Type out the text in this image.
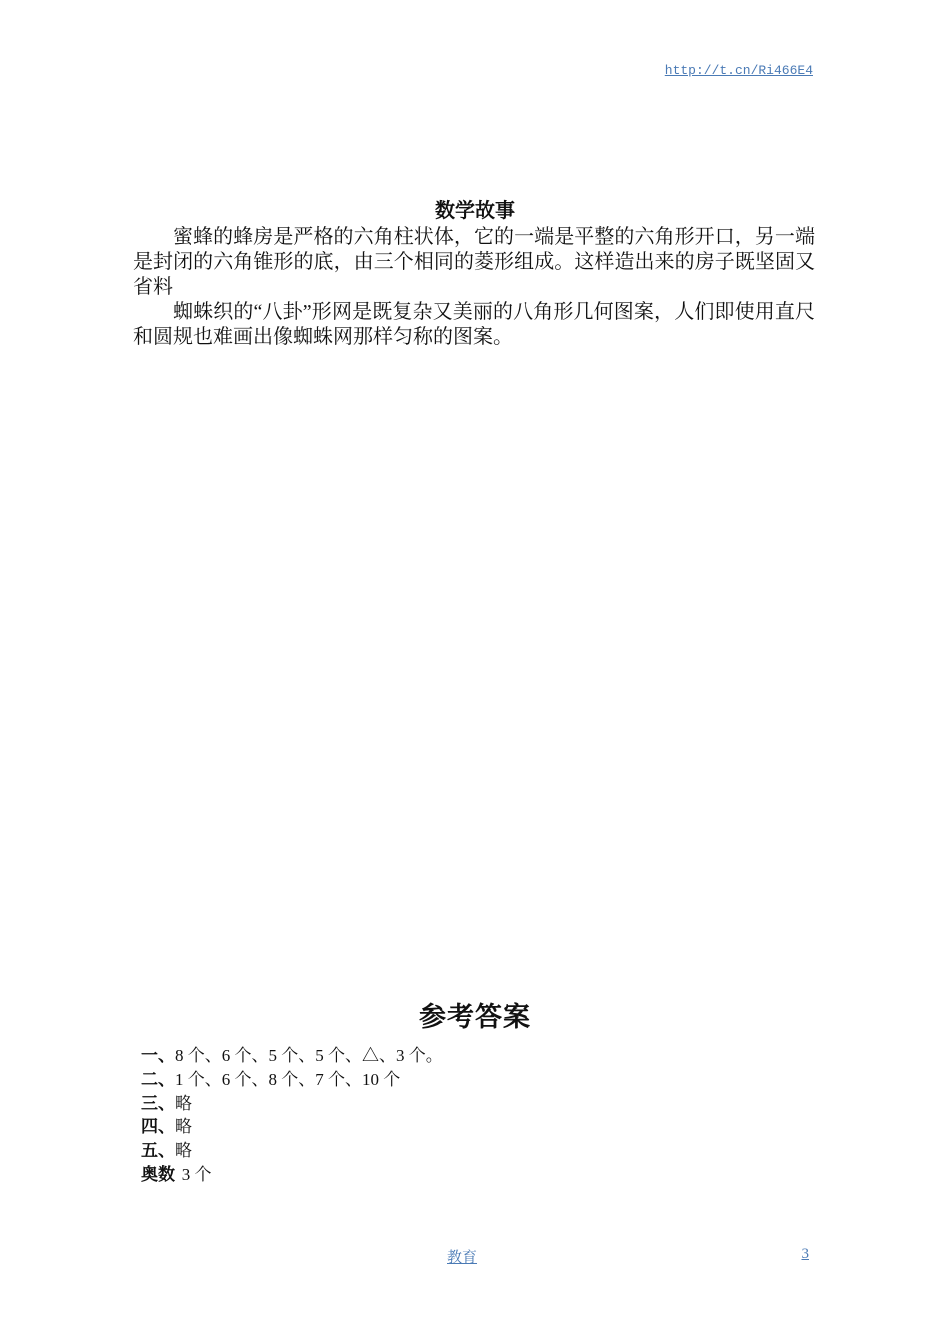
http://t.cn/Ri466E4
数学故事

蜜蜂的蜂房是严格的六角柱状体，它的一端是平整的六角形开口，另一端是封闭的六角锥形的底，由三个相同的菱形组成。这样造出来的房子既坚固又省料

蜘蛛织的“八卦”形网是既复杂又美丽的八角形几何图案，人们即使用直尺和圆规也难画出像蜘蛛网那样匀称的图案。

参考答案
一、8 个、6 个、5 个、5 个、△、3 个。
二、1 个、6 个、8 个、7 个、10 个
三、略
四、略
五、略
奥数 3 个
教育	3
